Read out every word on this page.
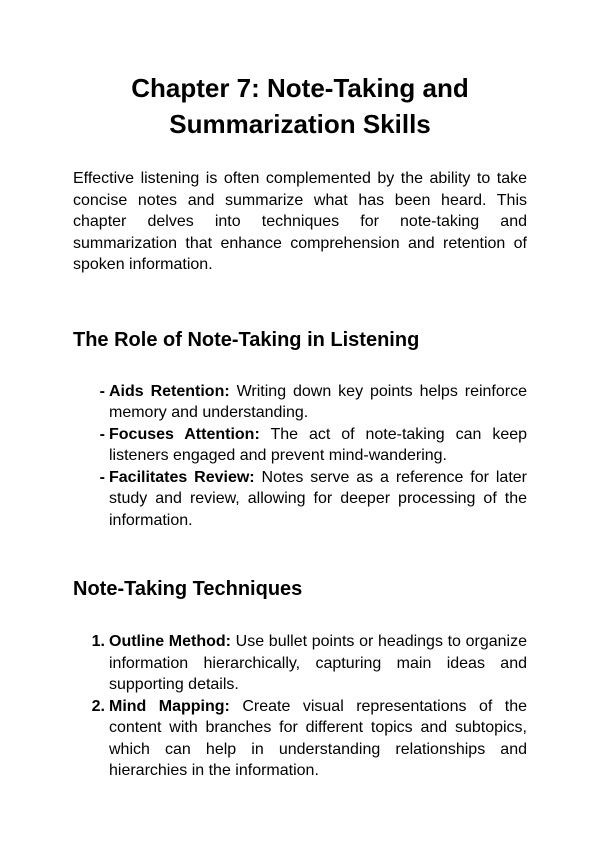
Chapter 7: Note-Taking and Summarization Skills

Effective listening is often complemented by the ability to take concise notes and summarize what has been heard. This chapter delves into techniques for note-taking and summarization that enhance comprehension and retention of spoken information.

The Role of Note-Taking in Listening
- Aids Retention: Writing down key points helps reinforce memory and understanding.
- Focuses Attention: The act of note-taking can keep listeners engaged and prevent mind-wandering.
- Facilitates Review: Notes serve as a reference for later study and review, allowing for deeper processing of the information.
Note-Taking Techniques
1. Outline Method: Use bullet points or headings to organize information hierarchically, capturing main ideas and supporting details.
2. Mind Mapping: Create visual representations of the content with branches for different topics and subtopics, which can help in understanding relationships and hierarchies in the information.
